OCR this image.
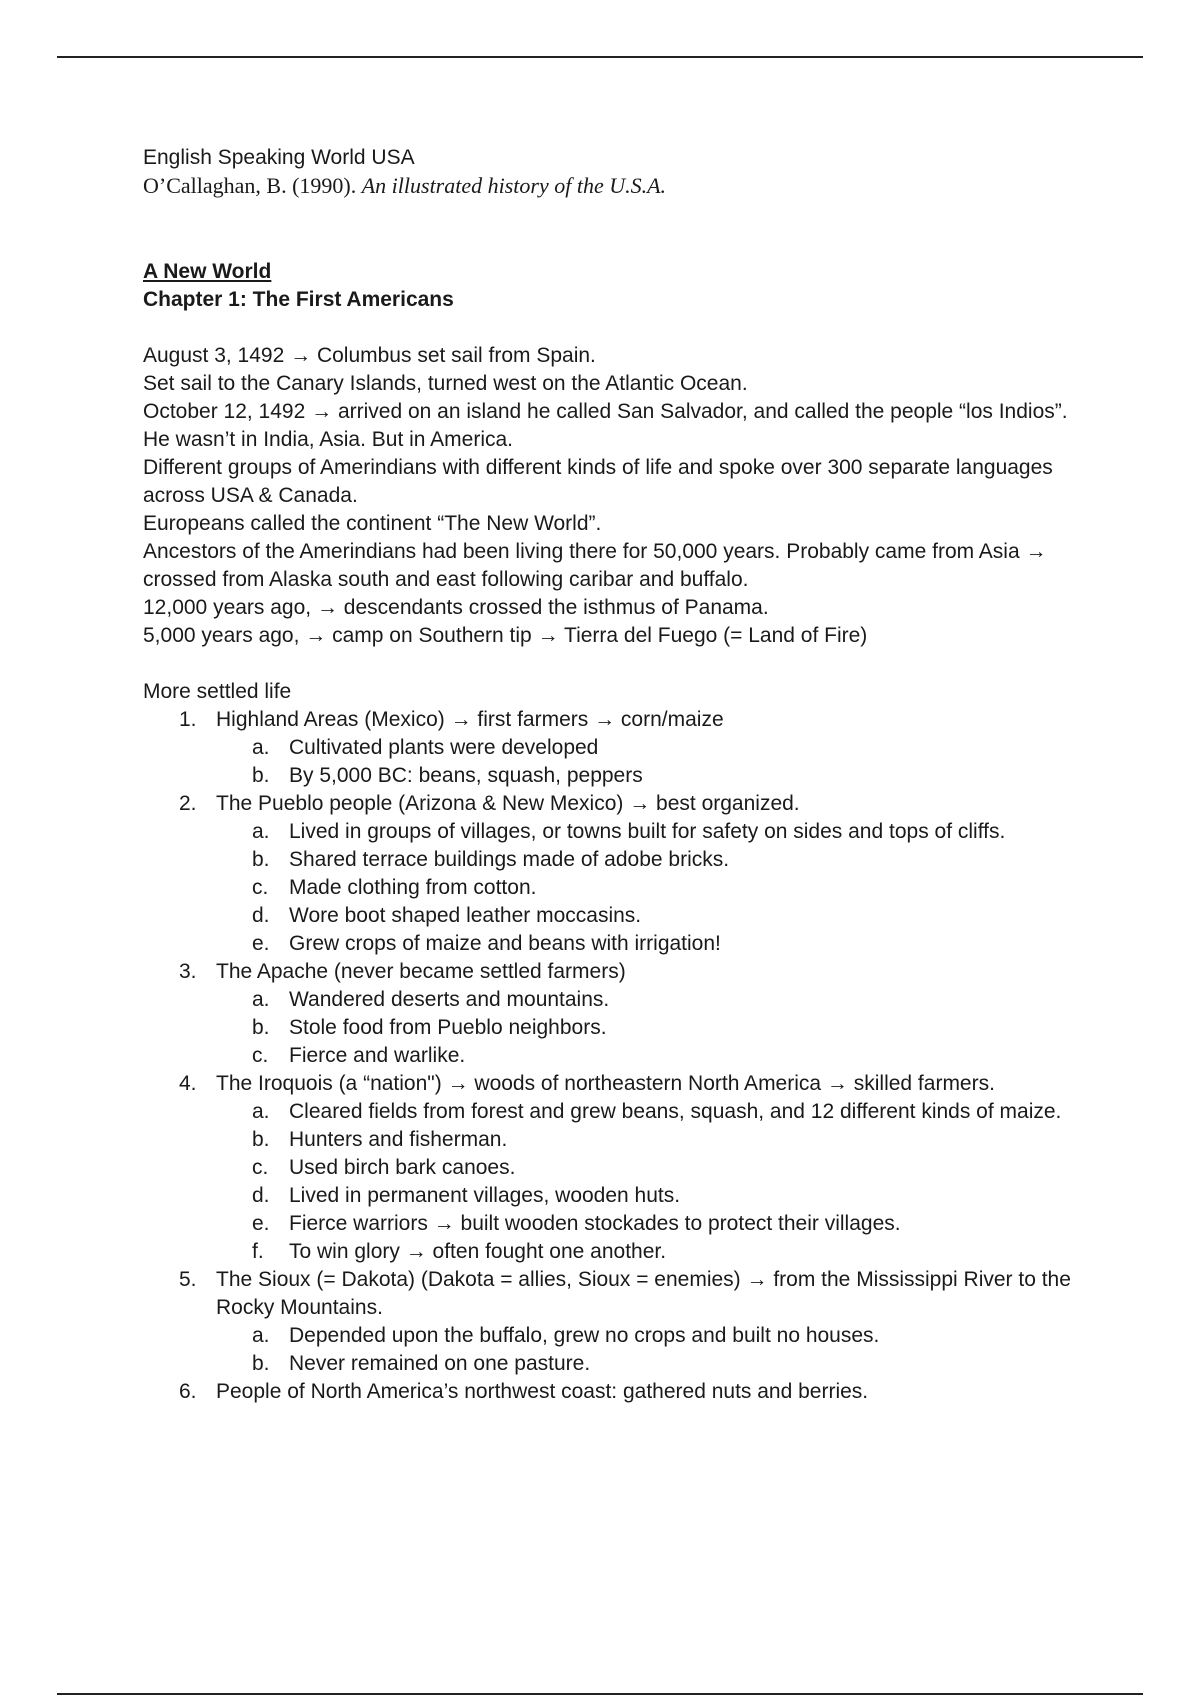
English Speaking World USA

O’Callaghan, B. (1990). An illustrated history of the U.S.A.

A New World

Chapter 1: The First Americans

August 3, 1492 → Columbus set sail from Spain.

Set sail to the Canary Islands, turned west on the Atlantic Ocean.

October 12, 1492 → arrived on an island he called San Salvador, and called the people “los Indios”.

He wasn’t in India, Asia. But in America.

Different groups of Amerindians with different kinds of life and spoke over 300 separate languages across USA & Canada.

Europeans called the continent “The New World”.

Ancestors of the Amerindians had been living there for 50,000 years. Probably came from Asia → crossed from Alaska south and east following caribar and buffalo.

12,000 years ago, → descendants crossed the isthmus of Panama.

5,000 years ago, → camp on Southern tip → Tierra del Fuego (= Land of Fire)

More settled life

1. Highland Areas (Mexico) → first farmers → corn/maize
a. Cultivated plants were developed
b. By 5,000 BC: beans, squash, peppers
2. The Pueblo people (Arizona & New Mexico) → best organized.
a. Lived in groups of villages, or towns built for safety on sides and tops of cliffs.
b. Shared terrace buildings made of adobe bricks.
c. Made clothing from cotton.
d. Wore boot shaped leather moccasins.
e. Grew crops of maize and beans with irrigation!
3. The Apache (never became settled farmers)
a. Wandered deserts and mountains.
b. Stole food from Pueblo neighbors.
c. Fierce and warlike.
4. The Iroquois (a “nation") → woods of northeastern North America → skilled farmers.
a. Cleared fields from forest and grew beans, squash, and 12 different kinds of maize.
b. Hunters and fisherman.
c. Used birch bark canoes.
d. Lived in permanent villages, wooden huts.
e. Fierce warriors → built wooden stockades to protect their villages.
f. To win glory → often fought one another.
5. The Sioux (= Dakota) (Dakota = allies, Sioux = enemies) → from the Mississippi River to the Rocky Mountains.
a. Depended upon the buffalo, grew no crops and built no houses.
b. Never remained on one pasture.
6. People of North America’s northwest coast: gathered nuts and berries.
